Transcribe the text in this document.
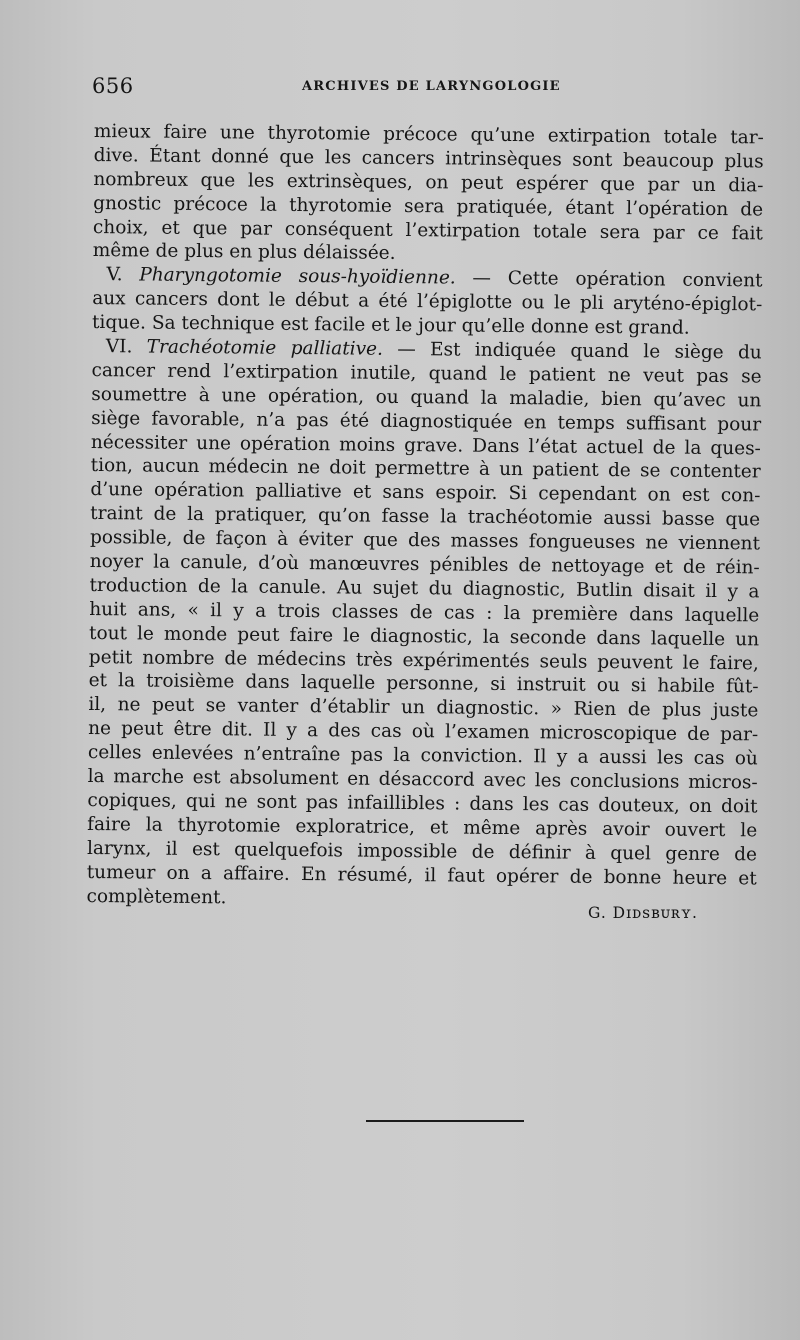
656	ARCHIVES DE LARYNGOLOGIE
mieux faire une thyrotomie précoce qu’une extirpation totale tar-
dive. Étant donné que les cancers intrinsèques sont beaucoup plus
nombreux que les extrinsèques, on peut espérer que par un dia-
gnostic précoce la thyrotomie sera pratiquée, étant l’opération de
choix, et que par conséquent l’extirpation totale sera par ce fait
même de plus en plus délaissée.
V. Pharyngotomie sous-hyoïdienne. — Cette opération convient
aux cancers dont le début a été l’épiglotte ou le pli aryténo-épiglot-
tique. Sa technique est facile et le jour qu’elle donne est grand.
VI. Trachéotomie palliative. — Est indiquée quand le siège du
cancer rend l’extirpation inutile, quand le patient ne veut pas se
soumettre à une opération, ou quand la maladie, bien qu’avec un
siège favorable, n’a pas été diagnostiquée en temps suffisant pour
nécessiter une opération moins grave. Dans l’état actuel de la ques-
tion, aucun médecin ne doit permettre à un patient de se contenter
d’une opération palliative et sans espoir. Si cependant on est con-
traint de la pratiquer, qu’on fasse la trachéotomie aussi basse que
possible, de façon à éviter que des masses fongueuses ne viennent
noyer la canule, d’où manœuvres pénibles de nettoyage et de réin-
troduction de la canule. Au sujet du diagnostic, Butlin disait il y a
huit ans, « il y a trois classes de cas : la première dans laquelle
tout le monde peut faire le diagnostic, la seconde dans laquelle un
petit nombre de médecins très expérimentés seuls peuvent le faire,
et la troisième dans laquelle personne, si instruit ou si habile fût-
il, ne peut se vanter d’établir un diagnostic. » Rien de plus juste
ne peut être dit. Il y a des cas où l’examen microscopique de par-
celles enlevées n’entraîne pas la conviction. Il y a aussi les cas où
la marche est absolument en désaccord avec les conclusions micros-
copiques, qui ne sont pas infaillibles : dans les cas douteux, on doit
faire la thyrotomie exploratrice, et même après avoir ouvert le
larynx, il est quelquefois impossible de définir à quel genre de
tumeur on a affaire. En résumé, il faut opérer de bonne heure et
complètement.
G. Dɪᴅsʙᴜʀʏ.
